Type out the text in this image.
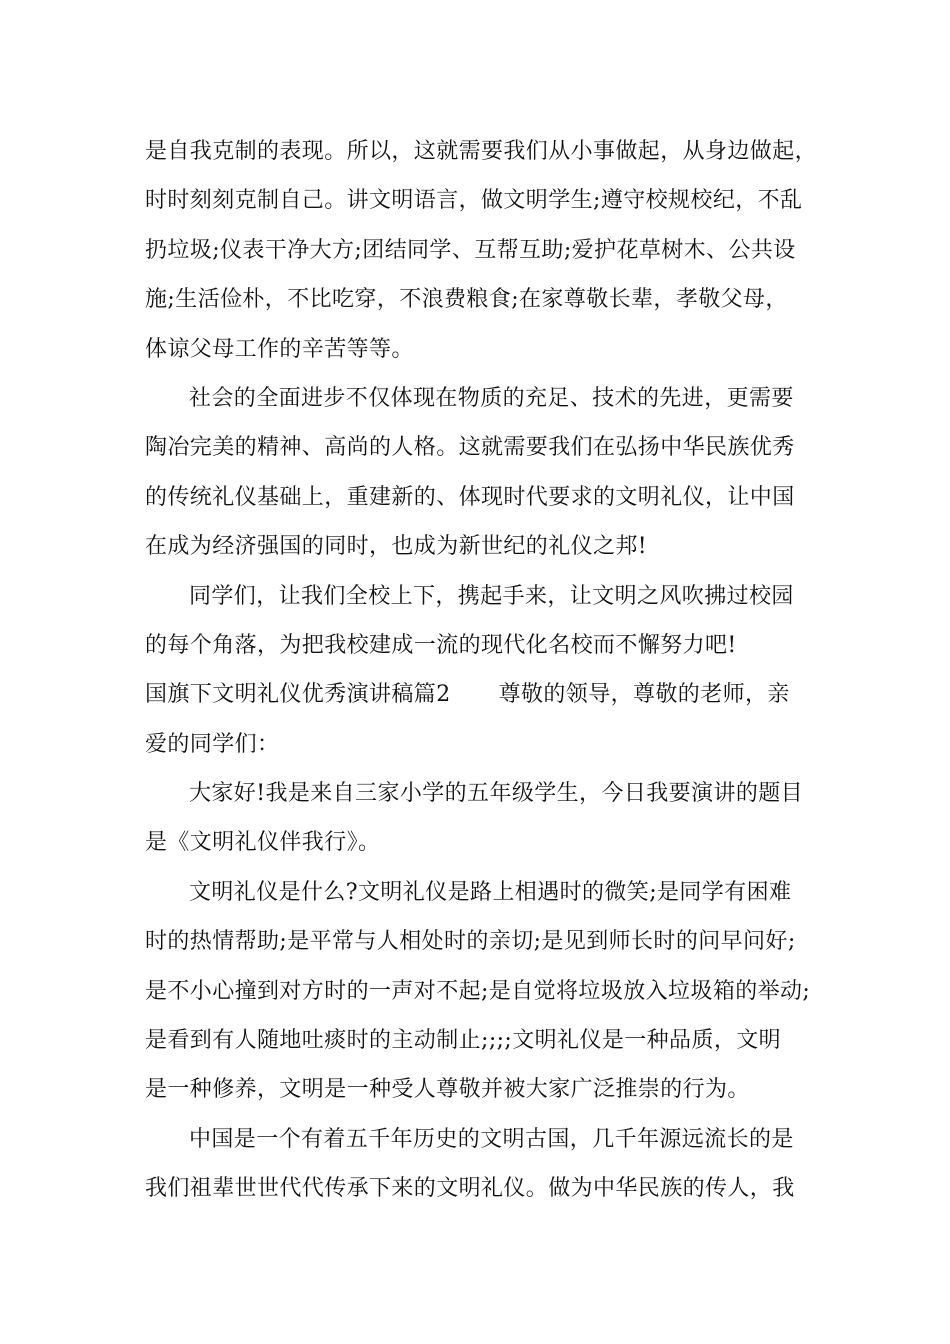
是自我克制的表现。所以，这就需要我们从小事做起，从身边做起，
时时刻刻克制自己。讲文明语言，做文明学生;遵守校规校纪，不乱
扔垃圾;仪表干净大方;团结同学、互帮互助;爱护花草树木、公共设
施;生活俭朴，不比吃穿，不浪费粮食;在家尊敬长辈，孝敬父母，
体谅父母工作的辛苦等等。
社会的全面进步不仅体现在物质的充足、技术的先进，更需要
陶冶完美的精神、高尚的人格。这就需要我们在弘扬中华民族优秀
的传统礼仪基础上，重建新的、体现时代要求的文明礼仪，让中国
在成为经济强国的同时，也成为新世纪的礼仪之邦!
同学们，让我们全校上下，携起手来，让文明之风吹拂过校园
的每个角落，为把我校建成一流的现代化名校而不懈努力吧!
国旗下文明礼仪优秀演讲稿篇2 尊敬的领导，尊敬的老师，亲
爱的同学们：
大家好!我是来自三家小学的五年级学生，今日我要演讲的题目
是《文明礼仪伴我行》。
文明礼仪是什么?文明礼仪是路上相遇时的微笑;是同学有困难
时的热情帮助;是平常与人相处时的亲切;是见到师长时的问早问好;
是不小心撞到对方时的一声对不起;是自觉将垃圾放入垃圾箱的举动;
是看到有人随地吐痰时的主动制止;;;;文明礼仪是一种品质，文明
是一种修养，文明是一种受人尊敬并被大家广泛推崇的行为。
中国是一个有着五千年历史的文明古国，几千年源远流长的是
我们祖辈世世代代传承下来的文明礼仪。做为中华民族的传人，我
